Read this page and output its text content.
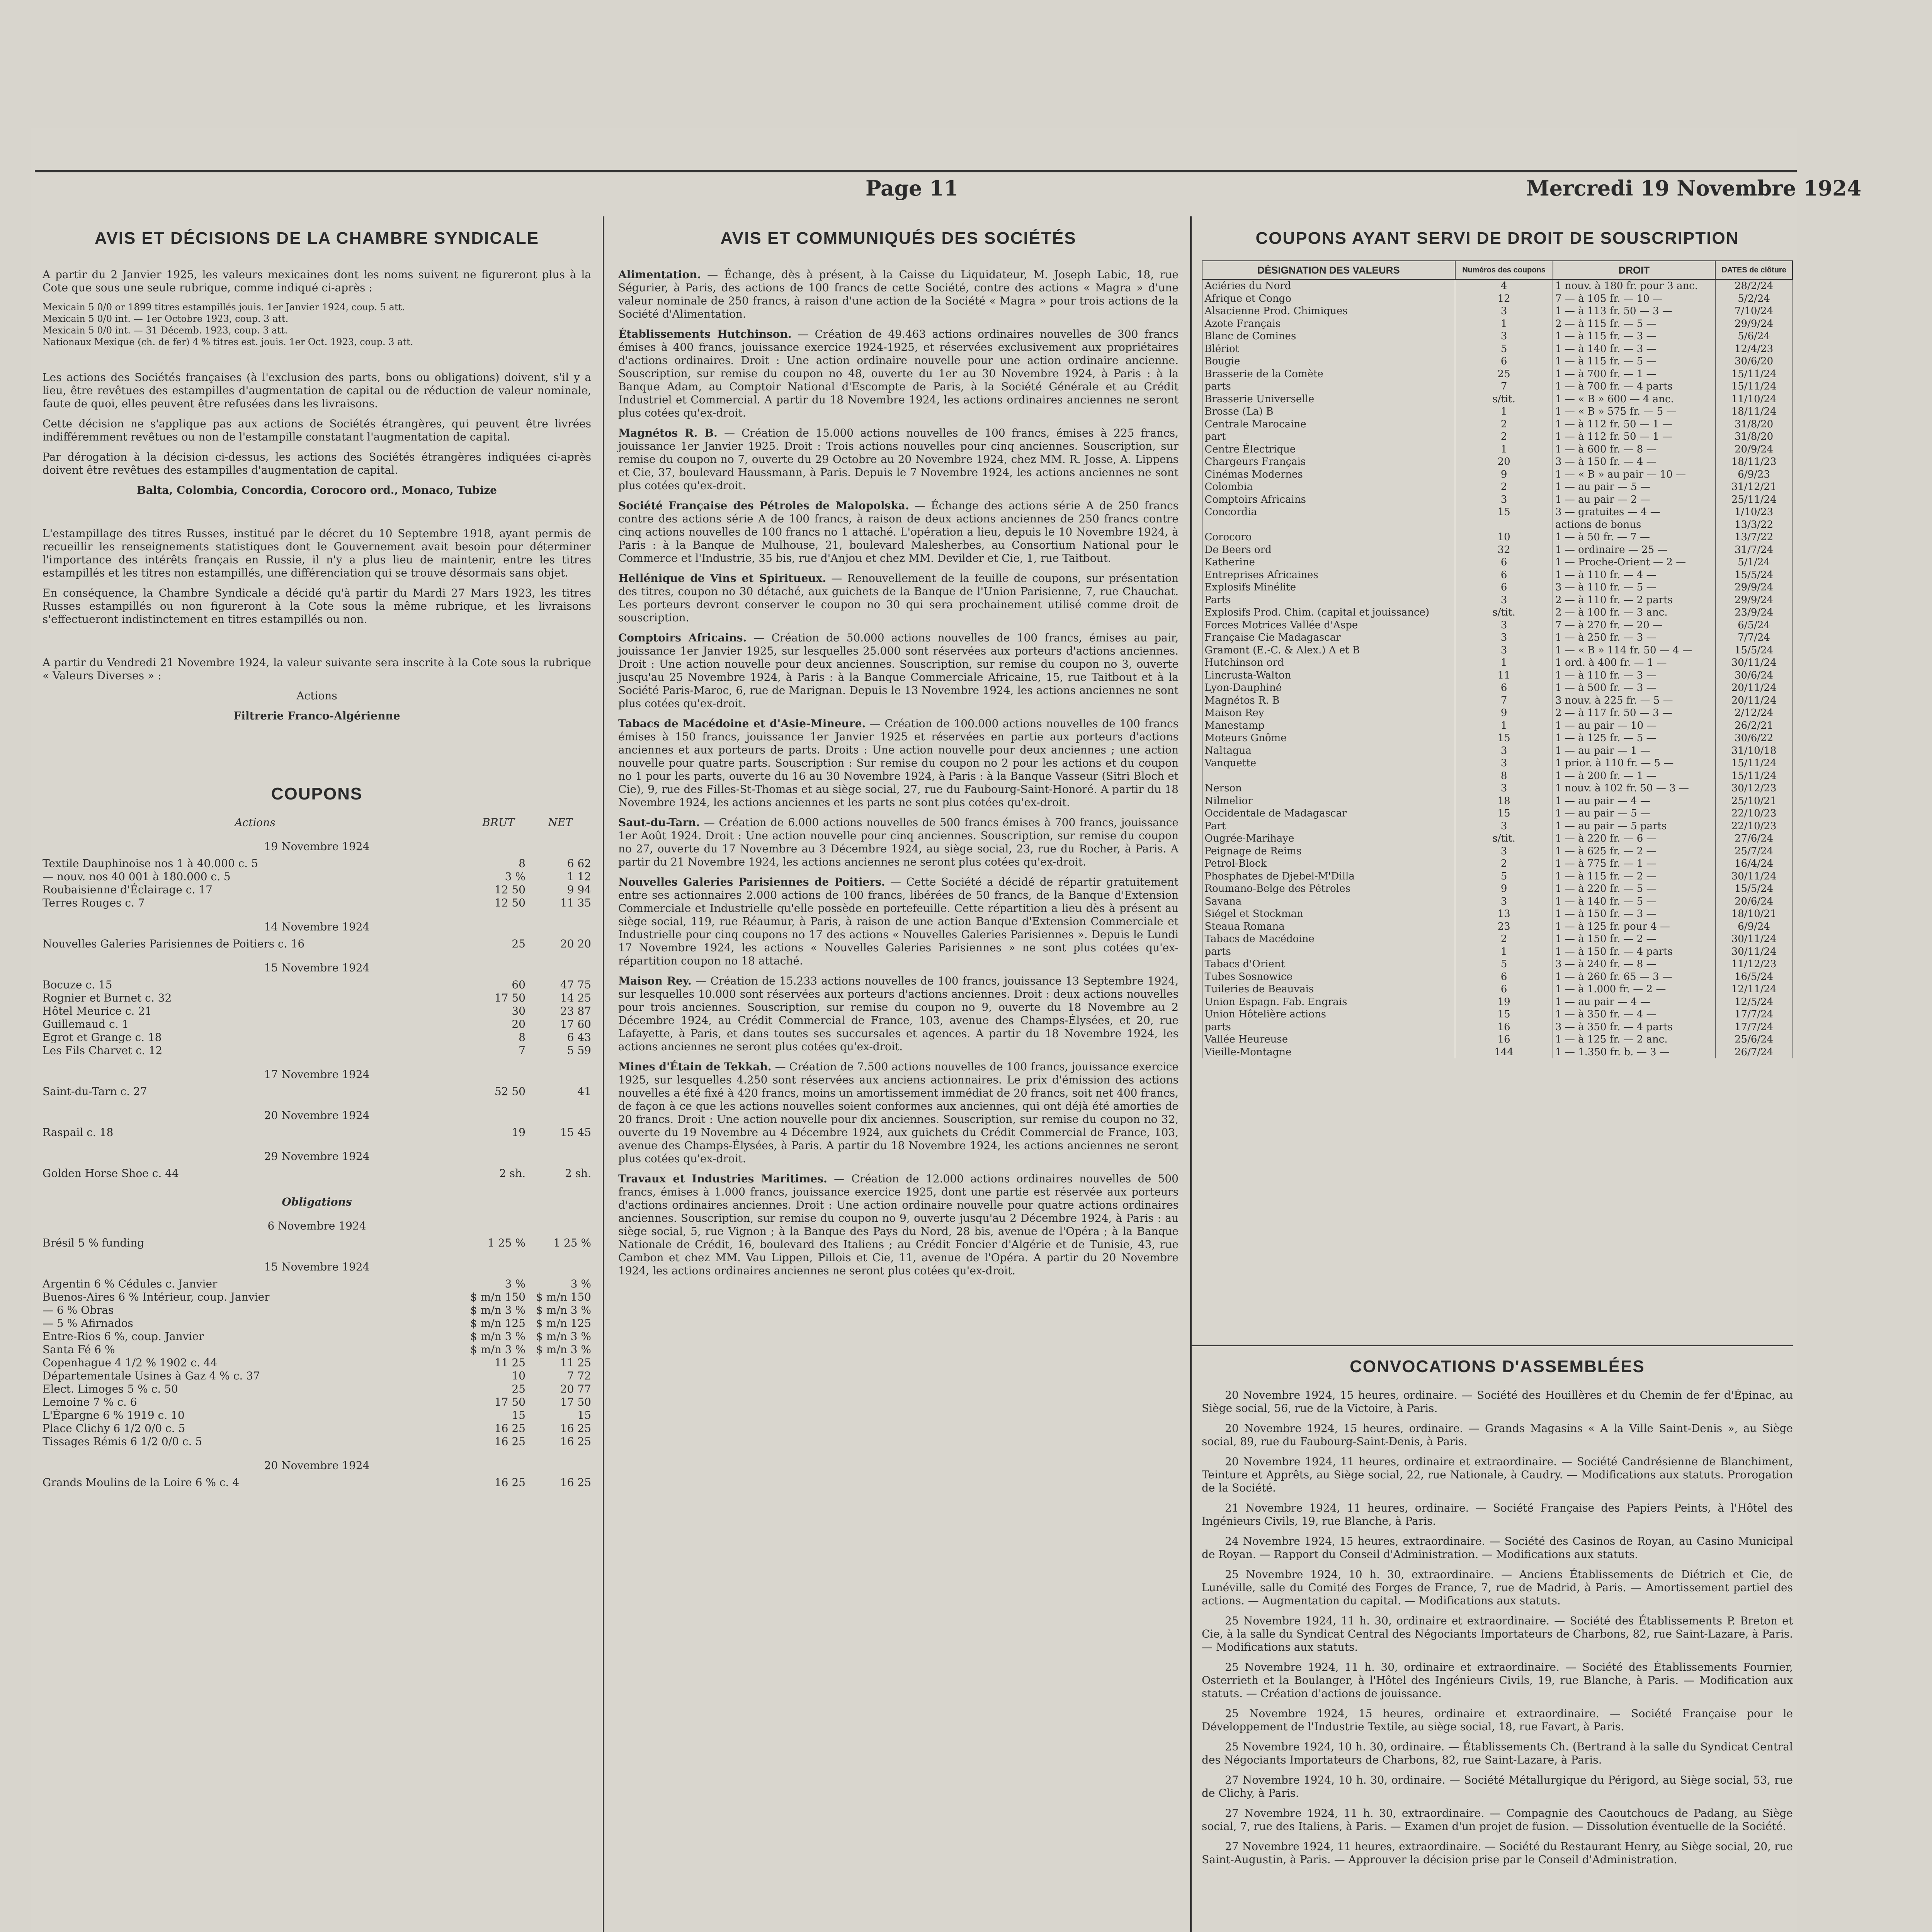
Page 11	Mercredi 19 Novembre 1924
AVIS ET DÉCISIONS DE LA CHAMBRE SYNDICALE

A partir du 2 Janvier 1925, les valeurs mexicaines dont les noms suivent ne figureront plus à la Cote que sous une seule rubrique, comme indiqué ci-après :

Mexicain 5 0/0 or 1899 titres estampillés jouis. 1er Janvier 1924, coup. 5 att.
Mexicain 5 0/0 int. — 1er Octobre 1923, coup. 3 att.
Mexicain 5 0/0 int. — 31 Décemb. 1923, coup. 3 att.
Nationaux Mexique (ch. de fer) 4 % titres est. jouis. 1er Oct. 1923, coup. 3 att.

Les actions des Sociétés françaises (à l'exclusion des parts, bons ou obligations) doivent, s'il y a lieu, être revêtues des estampilles d'augmentation de capital ou de réduction de valeur nominale, faute de quoi, elles peuvent être refusées dans les livraisons.

Cette décision ne s'applique pas aux actions de Sociétés étrangères, qui peuvent être livrées indifféremment revêtues ou non de l'estampille constatant l'augmentation de capital.

Par dérogation à la décision ci-dessus, les actions des Sociétés étrangères indiquées ci-après doivent être revêtues des estampilles d'augmentation de capital.

Balta, Colombia, Concordia, Corocoro ord., Monaco, Tubize

L'estampillage des titres Russes, institué par le décret du 10 Septembre 1918, ayant permis de recueillir les renseignements statistiques dont le Gouvernement avait besoin pour déterminer l'importance des intérêts français en Russie, il n'y a plus lieu de maintenir, entre les titres estampillés et les titres non estampillés, une différenciation qui se trouve désormais sans objet.

En conséquence, la Chambre Syndicale a décidé qu'à partir du Mardi 27 Mars 1923, les titres Russes estampillés ou non figureront à la Cote sous la même rubrique, et les livraisons s'effectueront indistinctement en titres estampillés ou non.

A partir du Vendredi 21 Novembre 1924, la valeur suivante sera inscrite à la Cote sous la rubrique « Valeurs Diverses » :

Actions

Filtrerie Franco-Algérienne

COUPONS
Actions	BRUT	NET
19 Novembre 1924
Textile Dauphinoise nos 1 à 40.000 c. 5	8	6 62
— nouv. nos 40 001 à 180.000 c. 5	3 %	1 12
Roubaisienne d'Éclairage c. 17	12 50	9 94
Terres Rouges c. 7	12 50	11 35
14 Novembre 1924
Nouvelles Galeries Parisiennes de Poitiers c. 16	25	20 20
15 Novembre 1924
Bocuze c. 15	60	47 75
Rognier et Burnet c. 32	17 50	14 25
Hôtel Meurice c. 21	30	23 87
Guillemaud c. 1	20	17 60
Egrot et Grange c. 18	8	6 43
Les Fils Charvet c. 12	7	5 59
17 Novembre 1924
Saint-du-Tarn c. 27	52 50	41
20 Novembre 1924
Raspail c. 18	19	15 45
29 Novembre 1924
Golden Horse Shoe c. 44	2 sh.	2 sh.
Obligations
6 Novembre 1924
Brésil 5 % funding	1 25 %	1 25 %
15 Novembre 1924
Argentin 6 % Cédules c. Janvier	3 %	3 %
Buenos-Aires 6 % Intérieur, coup. Janvier	$ m/n 150 $ m/n 150
— 6 % Obras	$ m/n 3 % $ m/n 3 %
— 5 % Afirnados	$ m/n 125 $ m/n 125
Entre-Rios 6 %, coup. Janvier	$ m/n 3 % $ m/n 3 %
Santa Fé 6 %	$ m/n 3 % $ m/n 3 %
Copenhague 4 1/2 % 1902 c. 44	11 25	11 25
Départementale Usines à Gaz 4 % c. 37	10	7 72
Elect. Limoges 5 % c. 50	25	20 77
Lemoine 7 % c. 6	17 50	17 50
L'Épargne 6 % 1919 c. 10	15	15
Place Clichy 6 1/2 0/0 c. 5	16 25	16 25
Tissages Rémis 6 1/2 0/0 c. 5	16 25	16 25
20 Novembre 1924
Grands Moulins de la Loire 6 % c. 4	16 25	16 25
AVIS ET COMMUNIQUÉS DES SOCIÉTÉS

Alimentation. — Échange, dès à présent, à la Caisse du Liquidateur, M. Joseph Labic, 18, rue Ségurier, à Paris, des actions de 100 francs de cette Société, contre des actions « Magra » d'une valeur nominale de 250 francs, à raison d'une action de la Société « Magra » pour trois actions de la Société d'Alimentation.

Établissements Hutchinson. — Création de 49.463 actions ordinaires nouvelles de 300 francs émises à 400 francs, jouissance exercice 1924-1925, et réservées exclusivement aux propriétaires d'actions ordinaires. Droit : Une action ordinaire nouvelle pour une action ordinaire ancienne. Souscription, sur remise du coupon no 48, ouverte du 1er au 30 Novembre 1924, à Paris : à la Banque Adam, au Comptoir National d'Escompte de Paris, à la Société Générale et au Crédit Industriel et Commercial. A partir du 18 Novembre 1924, les actions ordinaires anciennes ne seront plus cotées qu'ex-droit.

Magnétos R. B. — Création de 15.000 actions nouvelles de 100 francs, émises à 225 francs, jouissance 1er Janvier 1925. Droit : Trois actions nouvelles pour cinq anciennes. Souscription, sur remise du coupon no 7, ouverte du 29 Octobre au 20 Novembre 1924, chez MM. R. Josse, A. Lippens et Cie, 37, boulevard Haussmann, à Paris. Depuis le 7 Novembre 1924, les actions anciennes ne sont plus cotées qu'ex-droit.

Société Française des Pétroles de Malopolska. — Échange des actions série A de 250 francs contre des actions série A de 100 francs, à raison de deux actions anciennes de 250 francs contre cinq actions nouvelles de 100 francs no 1 attaché. L'opération a lieu, depuis le 10 Novembre 1924, à Paris : à la Banque de Mulhouse, 21, boulevard Malesherbes, au Consortium National pour le Commerce et l'Industrie, 35 bis, rue d'Anjou et chez MM. Devilder et Cie, 1, rue Taitbout.

Hellénique de Vins et Spiritueux. — Renouvellement de la feuille de coupons, sur présentation des titres, coupon no 30 détaché, aux guichets de la Banque de l'Union Parisienne, 7, rue Chauchat. Les porteurs devront conserver le coupon no 30 qui sera prochainement utilisé comme droit de souscription.

Comptoirs Africains. — Création de 50.000 actions nouvelles de 100 francs, émises au pair, jouissance 1er Janvier 1925, sur lesquelles 25.000 sont réservées aux porteurs d'actions anciennes. Droit : Une action nouvelle pour deux anciennes. Souscription, sur remise du coupon no 3, ouverte jusqu'au 25 Novembre 1924, à Paris : à la Banque Commerciale Africaine, 15, rue Taitbout et à la Société Paris-Maroc, 6, rue de Marignan. Depuis le 13 Novembre 1924, les actions anciennes ne sont plus cotées qu'ex-droit.

Tabacs de Macédoine et d'Asie-Mineure. — Création de 100.000 actions nouvelles de 100 francs émises à 150 francs, jouissance 1er Janvier 1925 et réservées en partie aux porteurs d'actions anciennes et aux porteurs de parts. Droits : Une action nouvelle pour deux anciennes ; une action nouvelle pour quatre parts. Souscription : Sur remise du coupon no 2 pour les actions et du coupon no 1 pour les parts, ouverte du 16 au 30 Novembre 1924, à Paris : à la Banque Vasseur (Sitri Bloch et Cie), 9, rue des Filles-St-Thomas et au siège social, 27, rue du Faubourg-Saint-Honoré. A partir du 18 Novembre 1924, les actions anciennes et les parts ne sont plus cotées qu'ex-droit.

Saut-du-Tarn. — Création de 6.000 actions nouvelles de 500 francs émises à 700 francs, jouissance 1er Août 1924. Droit : Une action nouvelle pour cinq anciennes. Souscription, sur remise du coupon no 27, ouverte du 17 Novembre au 3 Décembre 1924, au siège social, 23, rue du Rocher, à Paris. A partir du 21 Novembre 1924, les actions anciennes ne seront plus cotées qu'ex-droit.

Nouvelles Galeries Parisiennes de Poitiers. — Cette Société a décidé de répartir gratuitement entre ses actionnaires 2.000 actions de 100 francs, libérées de 50 francs, de la Banque d'Extension Commerciale et Industrielle qu'elle possède en portefeuille. Cette répartition a lieu dès à présent au siège social, 119, rue Réaumur, à Paris, à raison de une action Banque d'Extension Commerciale et Industrielle pour cinq coupons no 17 des actions « Nouvelles Galeries Parisiennes ». Depuis le Lundi 17 Novembre 1924, les actions « Nouvelles Galeries Parisiennes » ne sont plus cotées qu'ex-répartition coupon no 18 attaché.

Maison Rey. — Création de 15.233 actions nouvelles de 100 francs, jouissance 13 Septembre 1924, sur lesquelles 10.000 sont réservées aux porteurs d'actions anciennes. Droit : deux actions nouvelles pour trois anciennes. Souscription, sur remise du coupon no 9, ouverte du 18 Novembre au 2 Décembre 1924, au Crédit Commercial de France, 103, avenue des Champs-Élysées, et 20, rue Lafayette, à Paris, et dans toutes ses succursales et agences. A partir du 18 Novembre 1924, les actions anciennes ne seront plus cotées qu'ex-droit.

Mines d'Étain de Tekkah. — Création de 7.500 actions nouvelles de 100 francs, jouissance exercice 1925, sur lesquelles 4.250 sont réservées aux anciens actionnaires. Le prix d'émission des actions nouvelles a été fixé à 420 francs, moins un amortissement immédiat de 20 francs, soit net 400 francs, de façon à ce que les actions nouvelles soient conformes aux anciennes, qui ont déjà été amorties de 20 francs. Droit : Une action nouvelle pour dix anciennes. Souscription, sur remise du coupon no 32, ouverte du 19 Novembre au 4 Décembre 1924, aux guichets du Crédit Commercial de France, 103, avenue des Champs-Élysées, à Paris. A partir du 18 Novembre 1924, les actions anciennes ne seront plus cotées qu'ex-droit.

Travaux et Industries Maritimes. — Création de 12.000 actions ordinaires nouvelles de 500 francs, émises à 1.000 francs, jouissance exercice 1925, dont une partie est réservée aux porteurs d'actions ordinaires anciennes. Droit : Une action ordinaire nouvelle pour quatre actions ordinaires anciennes. Souscription, sur remise du coupon no 9, ouverte jusqu'au 2 Décembre 1924, à Paris : au siège social, 5, rue Vignon ; à la Banque des Pays du Nord, 28 bis, avenue de l'Opéra ; à la Banque Nationale de Crédit, 16, boulevard des Italiens ; au Crédit Foncier d'Algérie et de Tunisie, 43, rue Cambon et chez MM. Vau Lippen, Pillois et Cie, 11, avenue de l'Opéra. A partir du 20 Novembre 1924, les actions ordinaires anciennes ne seront plus cotées qu'ex-droit.

COUPONS AYANT SERVI DE DROIT DE SOUSCRIPTION
DÉSIGNATION DES VALEURS	Numéros des coupons	DROIT	DATES de clôture
Aciéries du Nord	4	1 nouv. à 180 fr. pour 3 anc.	28/2/24
Afrique et Congo	12	7 — à 105 fr. — 10 —	5/2/24
Alsacienne Prod. Chimiques	3	1 — à 113 fr. 50 — 3 —	7/10/24
Azote Français	1	2 — à 115 fr. — 5 —	29/9/24
Blanc de Comines	3	1 — à 115 fr. — 3 —	5/6/24
Blériot	5	1 — à 140 fr. — 3 —	12/4/23
Bougie	6	1 — à 115 fr. — 5 —	30/6/20
Brasserie de la Comète	25	1 — à 700 fr. — 1 —	15/11/24
parts	7	1 — à 700 fr. — 4 parts	15/11/24
Brasserie Universelle	s/tit.	1 — « B » 600 — 4 anc.	11/10/24
Brosse (La) B	1	1 — « B » 575 fr. — 5 —	18/11/24
Centrale Marocaine	2	1 — à 112 fr. 50 — 1 —	31/8/20
part	2	1 — à 112 fr. 50 — 1 —	31/8/20
Centre Électrique	1	1 — à 600 fr. — 8 —	20/9/24
Chargeurs Français	20	3 — à 150 fr. — 4 —	18/11/23
Cinémas Modernes	9	1 — « B » au pair — 10 —	6/9/23
Colombia	2	1 — au pair — 5 —	31/12/21
Comptoirs Africains	3	1 — au pair — 2 —	25/11/24
Concordia	15	3 — gratuites — 4 —	1/10/23
		actions de bonus	13/3/22
Corocoro	10	1 — à 50 fr. — 7 —	13/7/22
De Beers ord	32	1 — ordinaire — 25 —	31/7/24
Katherine	6	1 — Proche-Orient — 2 —	5/1/24
Entreprises Africaines	6	1 — à 110 fr. — 4 —	15/5/24
Explosifs Minélite	6	3 — à 110 fr. — 5 —	29/9/24
Parts	3	2 — à 110 fr. — 2 parts	29/9/24
Explosifs Prod. Chim. (capital et jouissance)	s/tit.	2 — à 100 fr. — 3 anc.	23/9/24
Forces Motrices Vallée d'Aspe	3	7 — à 270 fr. — 20 —	6/5/24
Française Cie Madagascar	3	1 — à 250 fr. — 3 —	7/7/24
Gramont (E.-C. & Alex.) A et B	3	1 — « B » 114 fr. 50 — 4 —	15/5/24
Hutchinson ord	1	1 ord. à 400 fr. — 1 —	30/11/24
Lincrusta-Walton	11	1 — à 110 fr. — 3 —	30/6/24
Lyon-Dauphiné	6	1 — à 500 fr. — 3 —	20/11/24
Magnétos R. B	7	3 nouv. à 225 fr. — 5 —	20/11/24
Maison Rey	9	2 — à 117 fr. 50 — 3 —	2/12/24
Manestamp	1	1 — au pair — 10 —	26/2/21
Moteurs Gnôme	15	1 — à 125 fr. — 5 —	30/6/22
Naltagua	3	1 — au pair — 1 —	31/10/18
Vanquette	3	1 prior. à 110 fr. — 5 —	15/11/24
	8	1 — à 200 fr. — 1 —	15/11/24
Nerson	3	1 nouv. à 102 fr. 50 — 3 —	30/12/23
Nilmelior	18	1 — au pair — 4 —	25/10/21
Occidentale de Madagascar	15	1 — au pair — 5 —	22/10/23
Part	3	1 — au pair — 5 parts	22/10/23
Ougrée-Marihaye	s/tit.	1 — à 220 fr. — 6 —	27/6/24
Peignage de Reims	3	1 — à 625 fr. — 2 —	25/7/24
Petrol-Block	2	1 — à 775 fr. — 1 —	16/4/24
Phosphates de Djebel-M'Dilla	5	1 — à 115 fr. — 2 —	30/11/24
Roumano-Belge des Pétroles	9	1 — à 220 fr. — 5 —	15/5/24
Savana	3	1 — à 140 fr. — 5 —	20/6/24
Siégel et Stockman	13	1 — à 150 fr. — 3 —	18/10/21
Steaua Romana	23	1 — à 125 fr. pour 4 —	6/9/24
Tabacs de Macédoine	2	1 — à 150 fr. — 2 —	30/11/24
parts	1	1 — à 150 fr. — 4 parts	30/11/24
Tabacs d'Orient	5	3 — à 240 fr. — 8 —	11/12/23
Tubes Sosnowice	6	1 — à 260 fr. 65 — 3 —	16/5/24
Tuileries de Beauvais	6	1 — à 1.000 fr. — 2 —	12/11/24
Union Espagn. Fab. Engrais	19	1 — au pair — 4 —	12/5/24
Union Hôtelière actions	15	1 — à 350 fr. — 4 —	17/7/24
parts	16	3 — à 350 fr. — 4 parts	17/7/24
Vallée Heureuse	16	1 — à 125 fr. — 2 anc.	25/6/24
Vieille-Montagne	144	1 — 1.350 fr. b. — 3 —	26/7/24
CONVOCATIONS D'ASSEMBLÉES

20 Novembre 1924, 15 heures, ordinaire. — Société des Houillères et du Chemin de fer d'Épinac, au Siège social, 56, rue de la Victoire, à Paris.

20 Novembre 1924, 15 heures, ordinaire. — Grands Magasins « A la Ville Saint-Denis », au Siège social, 89, rue du Faubourg-Saint-Denis, à Paris.

20 Novembre 1924, 11 heures, ordinaire et extraordinaire. — Société Candrésienne de Blanchiment, Teinture et Apprêts, au Siège social, 22, rue Nationale, à Caudry. — Modifications aux statuts. Prorogation de la Société.

21 Novembre 1924, 11 heures, ordinaire. — Société Française des Papiers Peints, à l'Hôtel des Ingénieurs Civils, 19, rue Blanche, à Paris.

24 Novembre 1924, 15 heures, extraordinaire. — Société des Casinos de Royan, au Casino Municipal de Royan. — Rapport du Conseil d'Administration. — Modifications aux statuts.

25 Novembre 1924, 10 h. 30, extraordinaire. — Anciens Établissements de Diétrich et Cie, de Lunéville, salle du Comité des Forges de France, 7, rue de Madrid, à Paris. — Amortissement partiel des actions. — Augmentation du capital. — Modifications aux statuts.

25 Novembre 1924, 11 h. 30, ordinaire et extraordinaire. — Société des Établissements P. Breton et Cie, à la salle du Syndicat Central des Négociants Importateurs de Charbons, 82, rue Saint-Lazare, à Paris. — Modifications aux statuts.

25 Novembre 1924, 11 h. 30, ordinaire et extraordinaire. — Société des Établissements Fournier, Osterrieth et la Boulanger, à l'Hôtel des Ingénieurs Civils, 19, rue Blanche, à Paris. — Modification aux statuts. — Création d'actions de jouissance.

25 Novembre 1924, 15 heures, ordinaire et extraordinaire. — Société Française pour le Développement de l'Industrie Textile, au siège social, 18, rue Favart, à Paris.

25 Novembre 1924, 10 h. 30, ordinaire. — Établissements Ch. (Bertrand à la salle du Syndicat Central des Négociants Importateurs de Charbons, 82, rue Saint-Lazare, à Paris.

27 Novembre 1924, 10 h. 30, ordinaire. — Société Métallurgique du Périgord, au Siège social, 53, rue de Clichy, à Paris.

27 Novembre 1924, 11 h. 30, extraordinaire. — Compagnie des Caoutchoucs de Padang, au Siège social, 7, rue des Italiens, à Paris. — Examen d'un projet de fusion. — Dissolution éventuelle de la Société.

27 Novembre 1924, 11 heures, extraordinaire. — Société du Restaurant Henry, au Siège social, 20, rue Saint-Augustin, à Paris. — Approuver la décision prise par le Conseil d'Administration.
